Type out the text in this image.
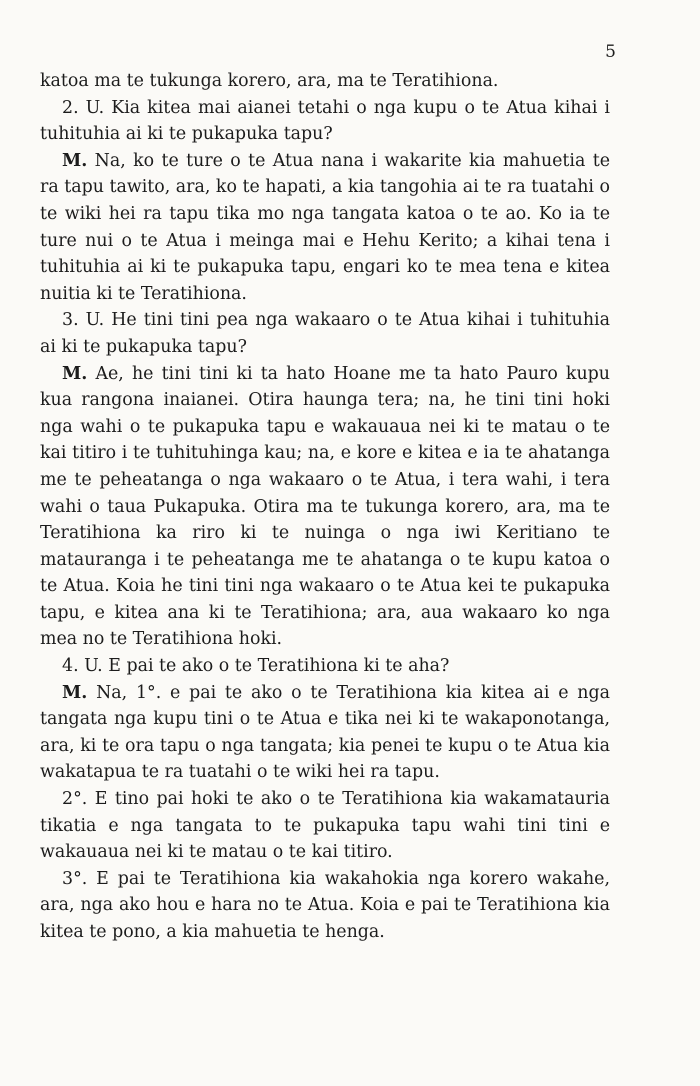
5

katoa ma te tukunga korero, ara, ma te Teratihiona.

2. U. Kia kitea mai aianei tetahi o nga kupu o te Atua kihai i tuhituhia ai ki te pukapuka tapu?

M. Na, ko te ture o te Atua nana i wakarite kia mahuetia te ra tapu tawito, ara, ko te hapati, a kia tangohia ai te ra tuatahi o te wiki hei ra tapu tika mo nga tangata katoa o te ao. Ko ia te ture nui o te Atua i meinga mai e Hehu Kerito; a kihai tena i tuhituhia ai ki te pukapuka tapu, engari ko te mea tena e kitea nuitia ki te Teratihiona.

3. U. He tini tini pea nga wakaaro o te Atua kihai i tuhituhia ai ki te pukapuka tapu?

M. Ae, he tini tini ki ta hato Hoane me ta hato Pauro kupu kua rangona inaianei. Otira haunga tera; na, he tini tini hoki nga wahi o te pukapuka tapu e wakauaua nei ki te matau o te kai titiro i te tuhituhinga kau; na, e kore e kitea e ia te ahatanga me te peheatanga o nga wakaaro o te Atua, i tera wahi, i tera wahi o taua Pukapuka. Otira ma te tukunga korero, ara, ma te Teratihiona ka riro ki te nuinga o nga iwi Keritiano te matauranga i te peheatanga me te ahatanga o te kupu katoa o te Atua. Koia he tini tini nga wakaaro o te Atua kei te pukapuka tapu, e kitea ana ki te Teratihiona; ara, aua wakaaro ko nga mea no te Teratihiona hoki.

4. U. E pai te ako o te Teratihiona ki te aha?

M. Na, 1°. e pai te ako o te Teratihiona kia kitea ai e nga tangata nga kupu tini o te Atua e tika nei ki te wakaponotanga, ara, ki te ora tapu o nga tangata; kia penei te kupu o te Atua kia wakatapua te ra tuatahi o te wiki hei ra tapu.

2°. E tino pai hoki te ako o te Teratihiona kia wakamatauria tikatia e nga tangata to te pukapuka tapu wahi tini tini e wakauaua nei ki te matau o te kai titiro.

3°. E pai te Teratihiona kia wakahokia nga korero wakahe, ara, nga ako hou e hara no te Atua. Koia e pai te Teratihiona kia kitea te pono, a kia mahuetia te henga.
